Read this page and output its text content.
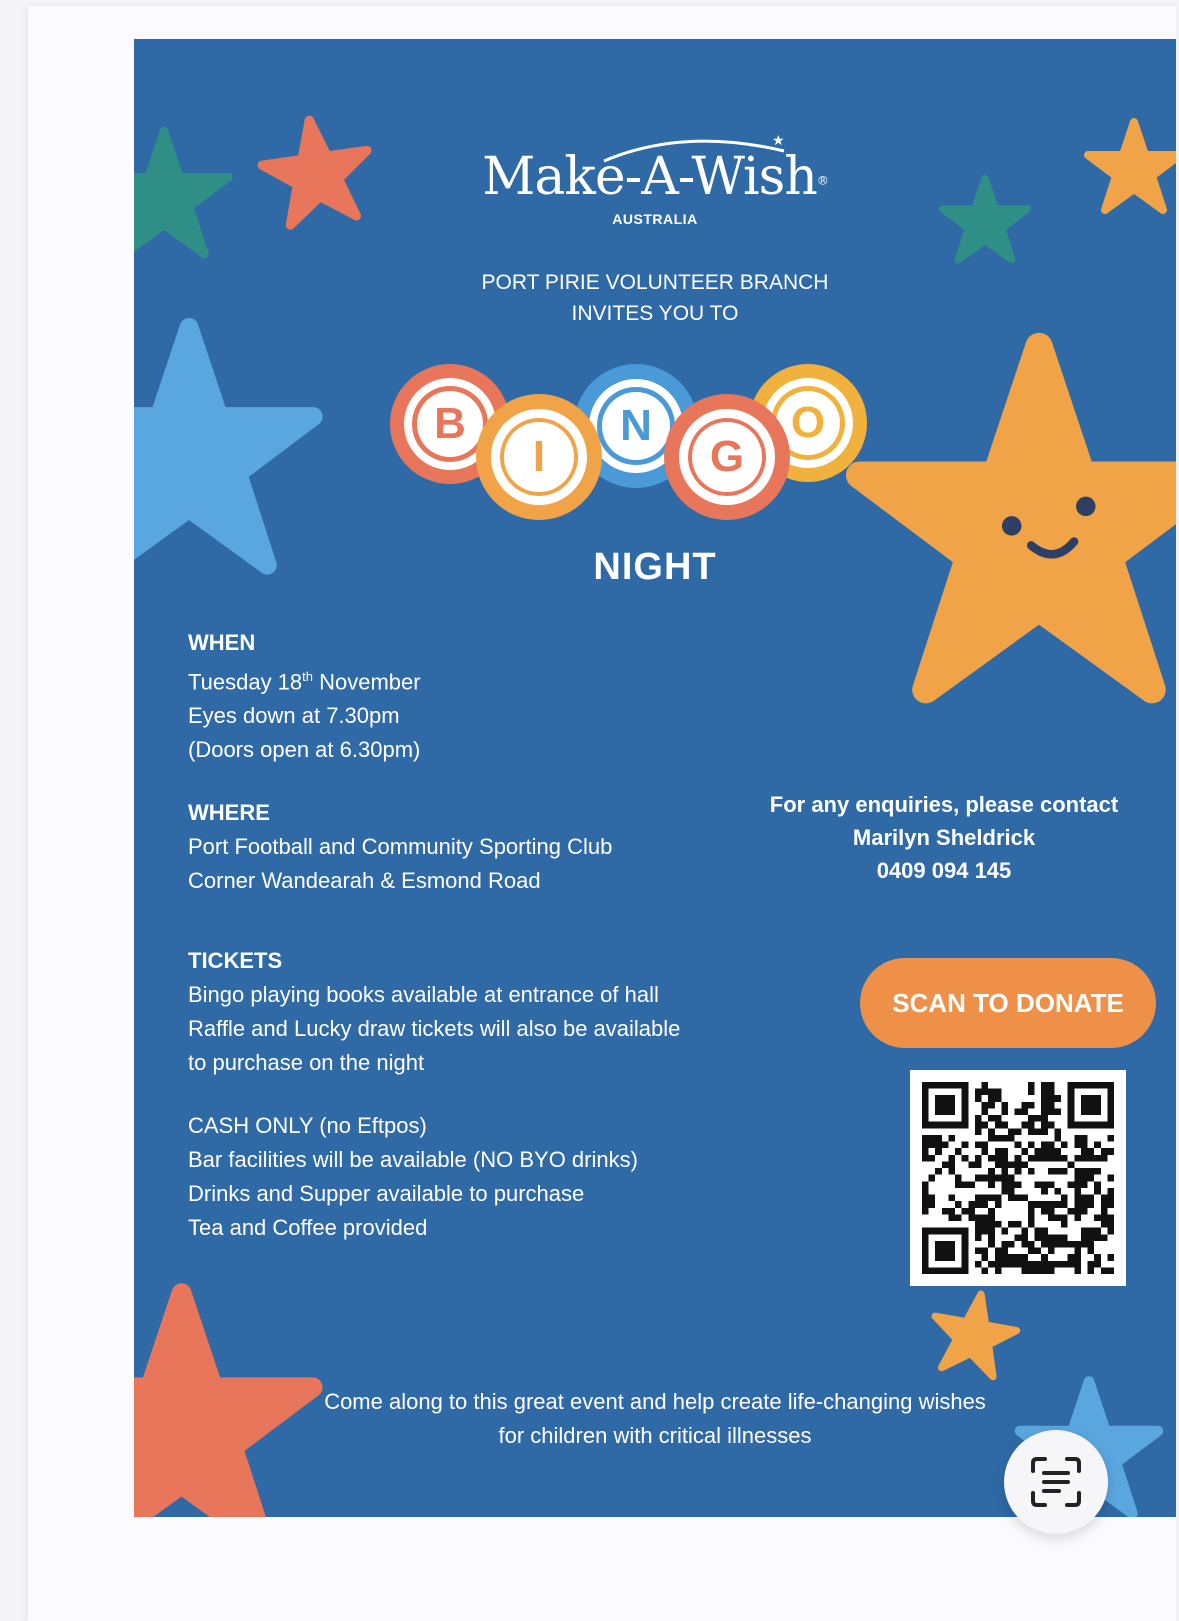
★
Make-A-Wish®
AUSTRALIA
PORT PIRIE VOLUNTEER BRANCH
INVITES YOU TO
B	N	O
I	G
NIGHT
WHEN
Tuesday 18th November
Eyes down at 7.30pm
(Doors open at 6.30pm)
WHERE
Port Football and Community Sporting Club
Corner Wandearah & Esmond Road
TICKETS
Bingo playing books available at entrance of hall
Raffle and Lucky draw tickets will also be available
to purchase on the night
CASH ONLY (no Eftpos)
Bar facilities will be available (NO BYO drinks)
Drinks and Supper available to purchase
Tea and Coffee provided
For any enquiries, please contact
Marilyn Sheldrick
0409 094 145
SCAN TO DONATE
Come along to this great event and help create life-changing wishes
for children with critical illnesses
